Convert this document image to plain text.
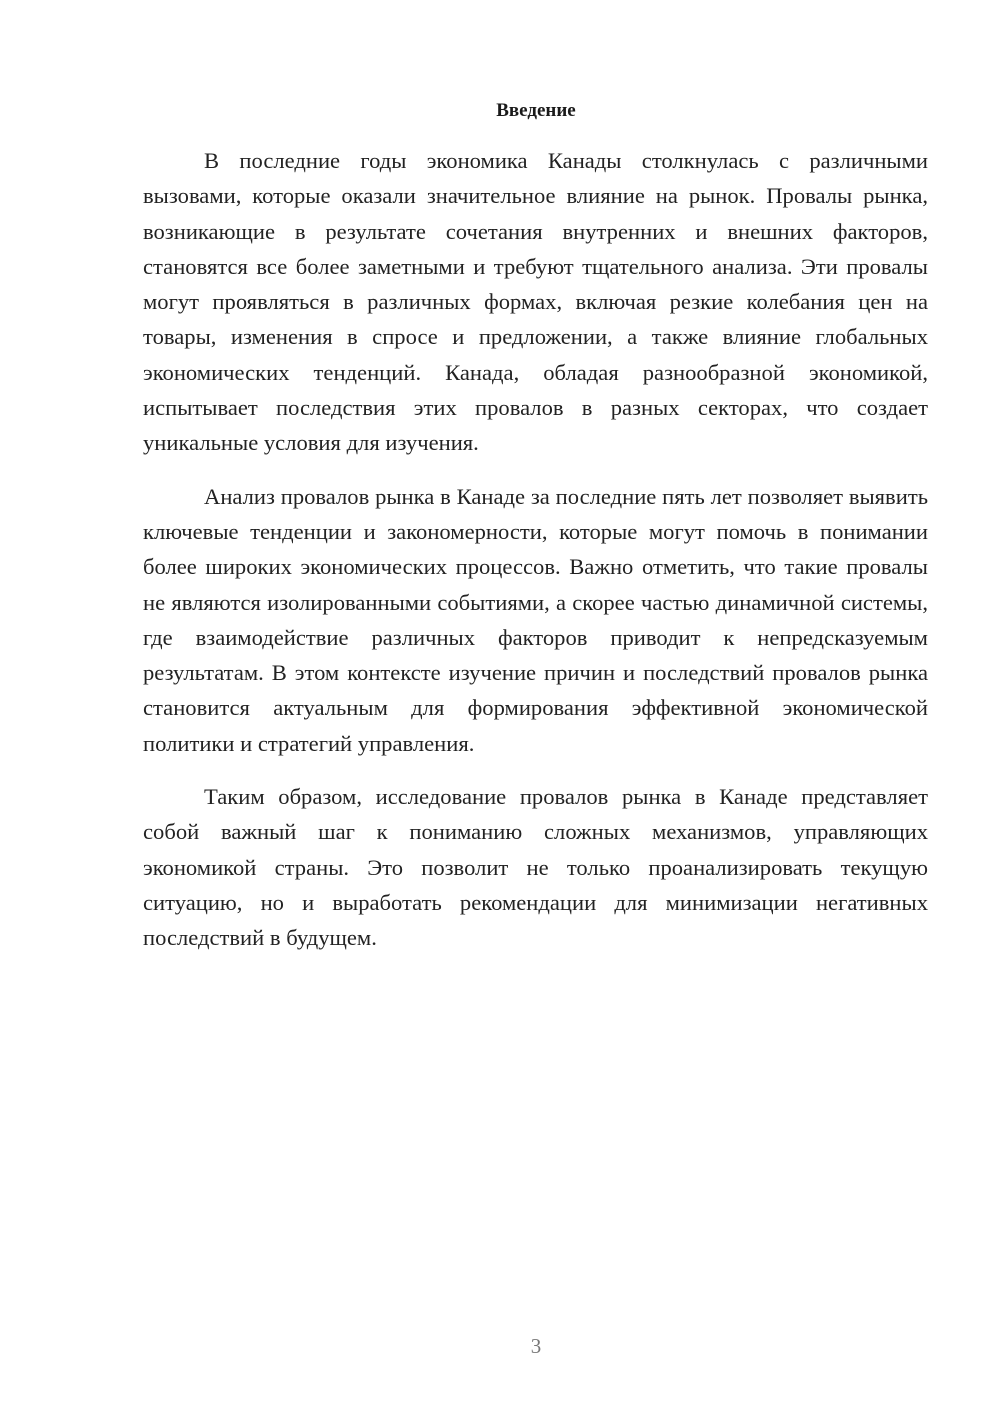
Введение

В последние годы экономика Канады столкнулась с различными вызовами, которые оказали значительное влияние на рынок. Провалы рынка, возникающие в результате сочетания внутренних и внешних факторов, становятся все более заметными и требуют тщательного анализа. Эти провалы могут проявляться в различных формах, включая резкие колебания цен на товары, изменения в спросе и предложении, а также влияние глобальных экономических тенденций. Канада, обладая разнообразной экономикой, испытывает последствия этих провалов в разных секторах, что создает уникальные условия для изучения.

Анализ провалов рынка в Канаде за последние пять лет позволяет выявить ключевые тенденции и закономерности, которые могут помочь в понимании более широких экономических процессов. Важно отметить, что такие провалы не являются изолированными событиями, а скорее частью динамичной системы, где взаимодействие различных факторов приводит к непредсказуемым результатам. В этом контексте изучение причин и последствий провалов рынка становится актуальным для формирования эффективной экономической политики и стратегий управления.

Таким образом, исследование провалов рынка в Канаде представляет собой важный шаг к пониманию сложных механизмов, управляющих экономикой страны. Это позволит не только проанализировать текущую ситуацию, но и выработать рекомендации для минимизации негативных последствий в будущем.

3
